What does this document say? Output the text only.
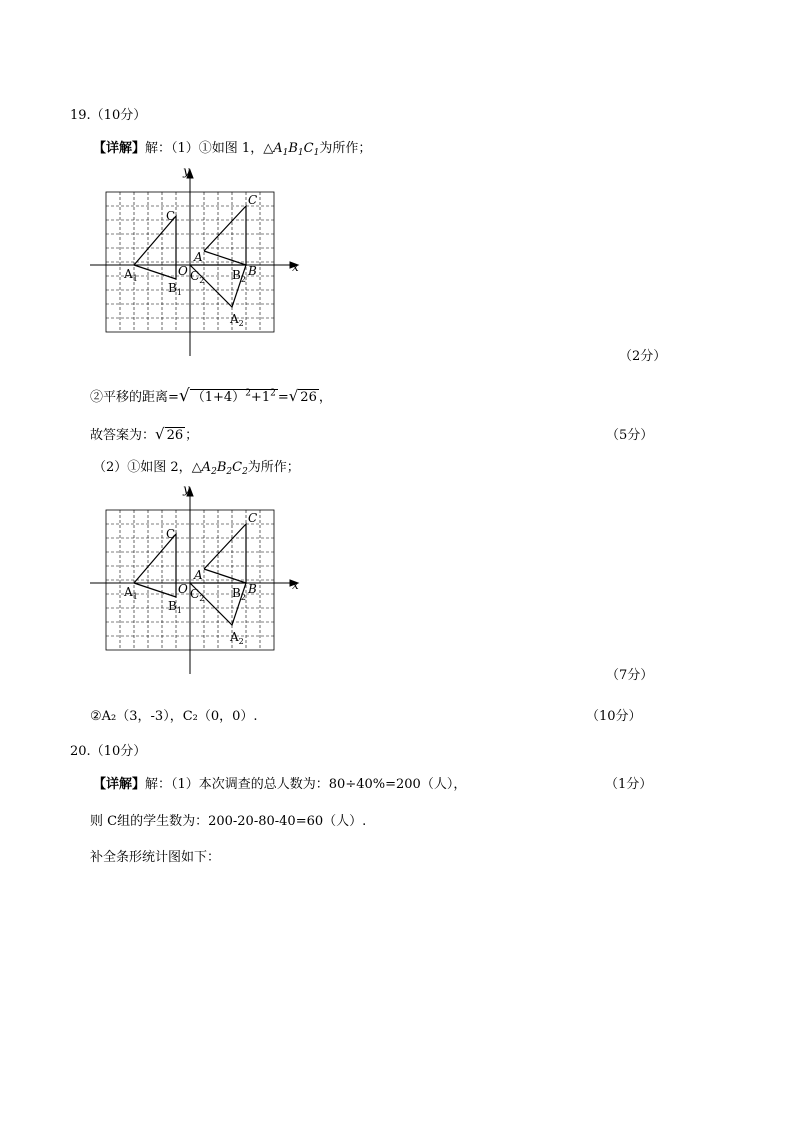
19.（10分）
【详解】解：（1）①如图 1，$\triangle A_1B_1C_1$为所作；
y
x
C
C
A
O	B
$A_1$
$B_1$
$C_2$ $B_2$
$A_2$
（2分）
②平移的距离=√ $(1+4)^2+1^2$ =√ 26 ，
故答案为：√ 26 ；	（5分）
（2）①如图 2，$\triangle A_2B_2C_2$为所作；
y
x
C
C
A
O	B
$A_1$
$B_1$
$C_2$ $B_2$
$A_2$
（7分）
②A₂（3，-3），C₂（0，0）.	（10分）
20.（10分）
【详解】解：（1）本次调查的总人数为：80÷40%=200（人），	（1分）
则 C组的学生数为：200-20-80-40=60（人）.
补全条形统计图如下：
